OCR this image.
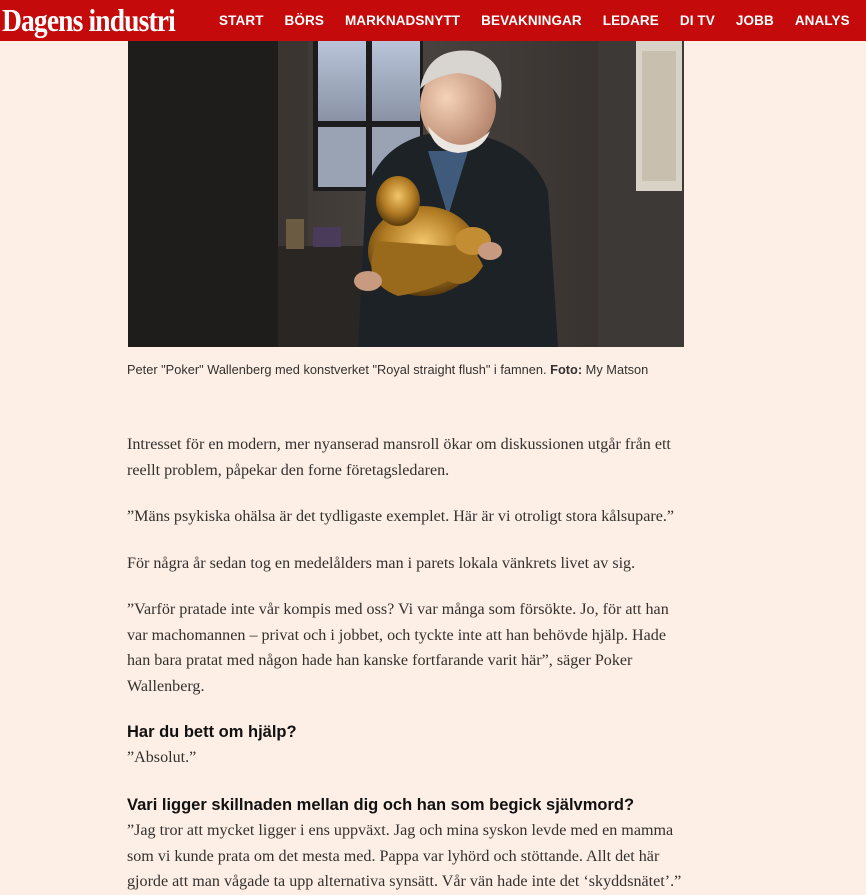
Dagens industri	START BÖRS MARKNADSNYTT BEVAKNINGAR LEDARE DI TV JOBB ANALYS
Peter "Poker" Wallenberg med konstverket "Royal straight flush" i famnen. Foto: My Matson

Intresset för en modern, mer nyanserad mansroll ökar om diskussionen utgår från ett reellt problem, påpekar den forne företagsledaren.

”Mäns psykiska ohälsa är det tydligaste exemplet. Här är vi otroligt stora kålsupare.”

För några år sedan tog en medelålders man i parets lokala vänkrets livet av sig.

”Varför pratade inte vår kompis med oss? Vi var många som försökte. Jo, för att han var machomannen – privat och i jobbet, och tyckte inte att han behövde hjälp. Hade han bara pratat med någon hade han kanske fortfarande varit här”, säger Poker Wallenberg.

Har du bett om hjälp?

”Absolut.”

Vari ligger skillnaden mellan dig och han som begick självmord?

”Jag tror att mycket ligger i ens uppväxt. Jag och mina syskon levde med en mamma som vi kunde prata om det mesta med. Pappa var lyhörd och stöttande. Allt det här gjorde att man vågade ta upp alternativa synsätt. Vår vän hade inte det ‘skyddsnätet’.”
